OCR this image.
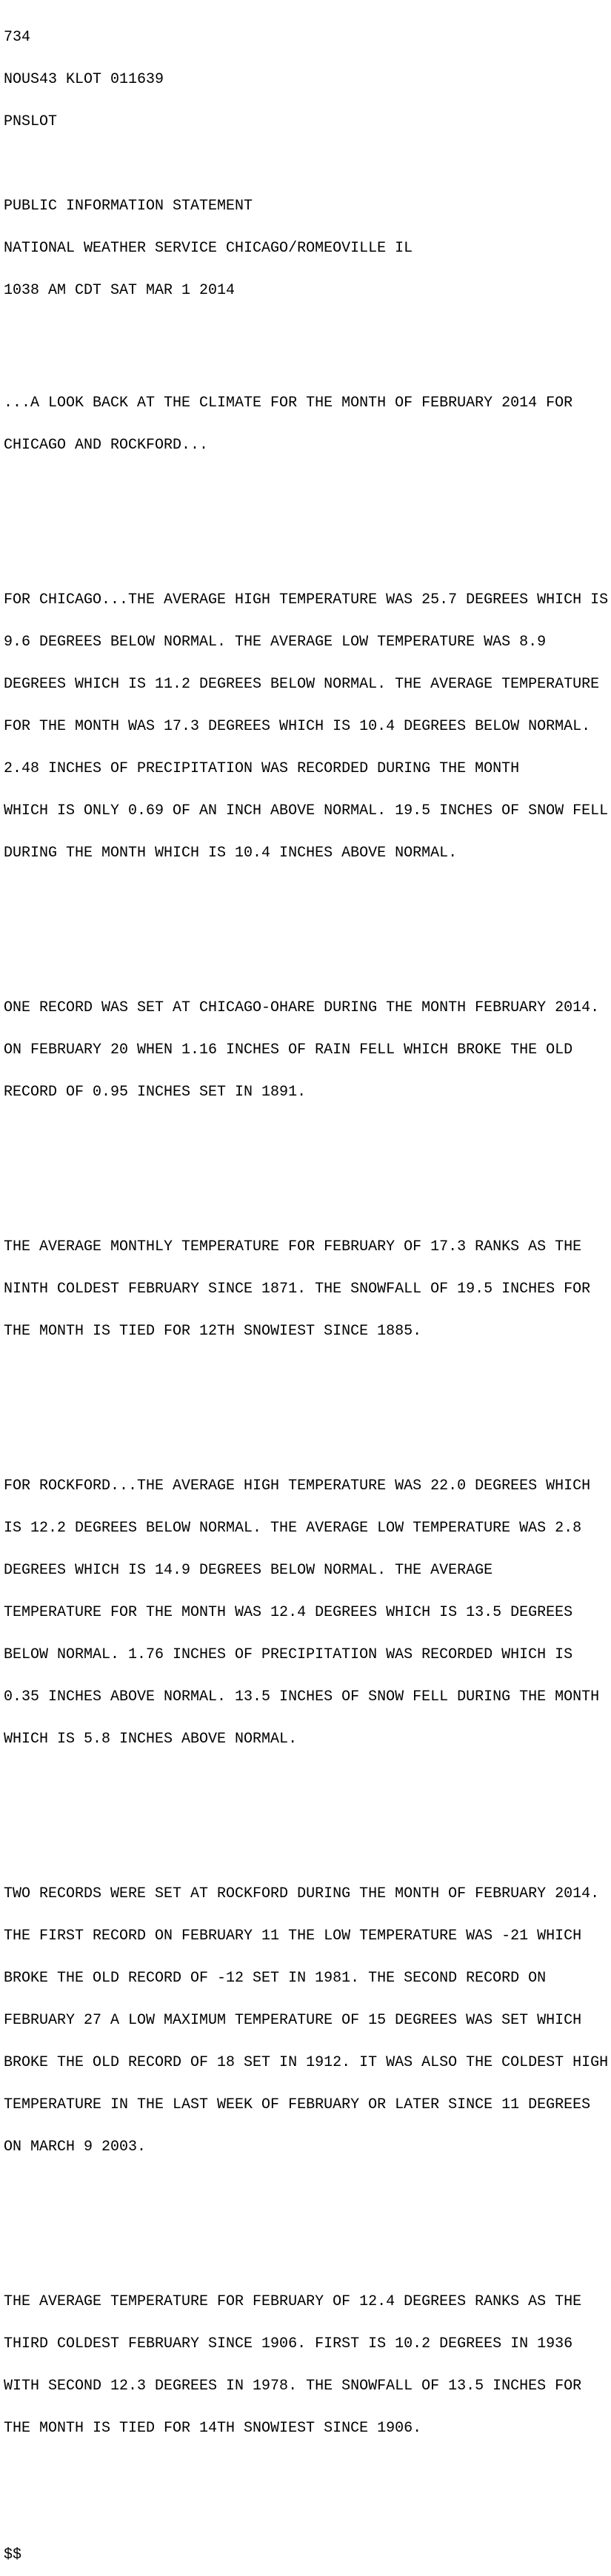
734

NOUS43 KLOT 011639

PNSLOT

PUBLIC INFORMATION STATEMENT

NATIONAL WEATHER SERVICE CHICAGO/ROMEOVILLE IL

1038 AM CDT SAT MAR 1 2014

...A LOOK BACK AT THE CLIMATE FOR THE MONTH OF FEBRUARY 2014 FOR

CHICAGO AND ROCKFORD...

FOR CHICAGO...THE AVERAGE HIGH TEMPERATURE WAS 25.7 DEGREES WHICH IS

9.6 DEGREES BELOW NORMAL. THE AVERAGE LOW TEMPERATURE WAS 8.9

DEGREES WHICH IS 11.2 DEGREES BELOW NORMAL. THE AVERAGE TEMPERATURE

FOR THE MONTH WAS 17.3 DEGREES WHICH IS 10.4 DEGREES BELOW NORMAL.

2.48 INCHES OF PRECIPITATION WAS RECORDED DURING THE MONTH

WHICH IS ONLY 0.69 OF AN INCH ABOVE NORMAL. 19.5 INCHES OF SNOW FELL

DURING THE MONTH WHICH IS 10.4 INCHES ABOVE NORMAL.

ONE RECORD WAS SET AT CHICAGO-OHARE DURING THE MONTH FEBRUARY 2014.

ON FEBRUARY 20 WHEN 1.16 INCHES OF RAIN FELL WHICH BROKE THE OLD

RECORD OF 0.95 INCHES SET IN 1891.

THE AVERAGE MONTHLY TEMPERATURE FOR FEBRUARY OF 17.3 RANKS AS THE

NINTH COLDEST FEBRUARY SINCE 1871. THE SNOWFALL OF 19.5 INCHES FOR

THE MONTH IS TIED FOR 12TH SNOWIEST SINCE 1885.

FOR ROCKFORD...THE AVERAGE HIGH TEMPERATURE WAS 22.0 DEGREES WHICH

IS 12.2 DEGREES BELOW NORMAL. THE AVERAGE LOW TEMPERATURE WAS 2.8

DEGREES WHICH IS 14.9 DEGREES BELOW NORMAL. THE AVERAGE

TEMPERATURE FOR THE MONTH WAS 12.4 DEGREES WHICH IS 13.5 DEGREES

BELOW NORMAL. 1.76 INCHES OF PRECIPITATION WAS RECORDED WHICH IS

0.35 INCHES ABOVE NORMAL. 13.5 INCHES OF SNOW FELL DURING THE MONTH

WHICH IS 5.8 INCHES ABOVE NORMAL.

TWO RECORDS WERE SET AT ROCKFORD DURING THE MONTH OF FEBRUARY 2014.

THE FIRST RECORD ON FEBRUARY 11 THE LOW TEMPERATURE WAS -21 WHICH

BROKE THE OLD RECORD OF -12 SET IN 1981. THE SECOND RECORD ON

FEBRUARY 27 A LOW MAXIMUM TEMPERATURE OF 15 DEGREES WAS SET WHICH

BROKE THE OLD RECORD OF 18 SET IN 1912. IT WAS ALSO THE COLDEST HIGH

TEMPERATURE IN THE LAST WEEK OF FEBRUARY OR LATER SINCE 11 DEGREES

ON MARCH 9 2003.

THE AVERAGE TEMPERATURE FOR FEBRUARY OF 12.4 DEGREES RANKS AS THE

THIRD COLDEST FEBRUARY SINCE 1906. FIRST IS 10.2 DEGREES IN 1936

WITH SECOND 12.3 DEGREES IN 1978. THE SNOWFALL OF 13.5 INCHES FOR

THE MONTH IS TIED FOR 14TH SNOWIEST SINCE 1906.

$$
